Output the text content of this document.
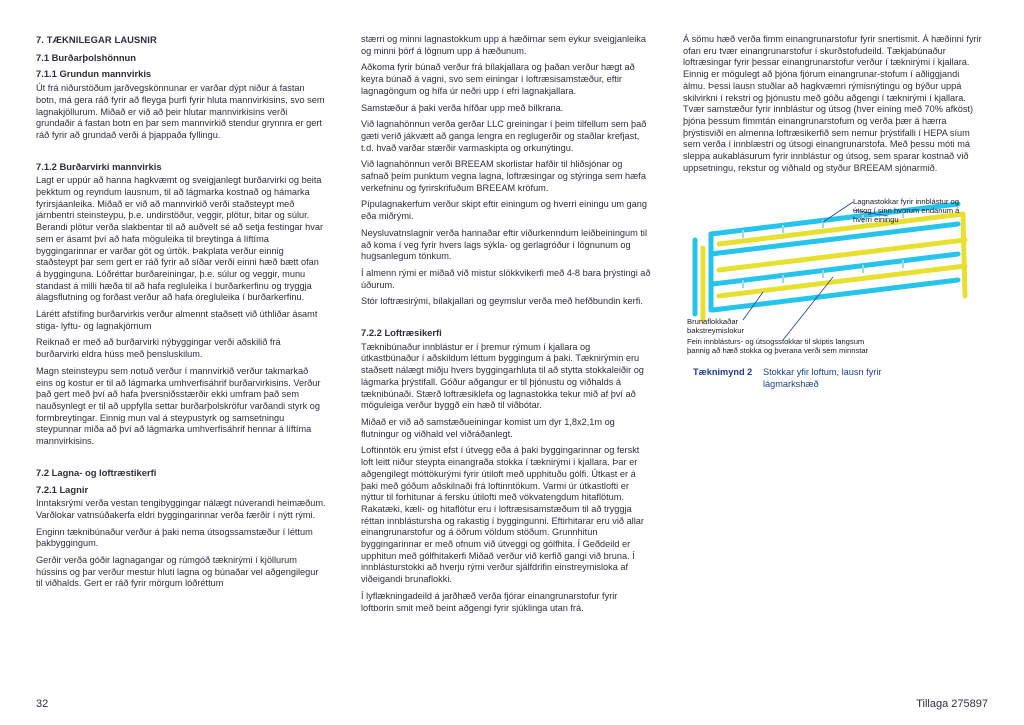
7. TÆKNILEGAR LAUSNIR
7.1 Burðarþolshönnun
7.1.1 Grundun mannvirkis

Út frá niðurstöðum jarðvegskönnunar er varðar dýpt niður á fastan botn, má gera ráð fyrir að fleyga þurfi fyrir hluta mannvirkisins, svo sem lagnakjöllurum. Miðað er við að þeir hlutar mannvirkisins verði grundaðir á fastan botn en þar sem mannvirkið stendur grynnra er gert ráð fyrir að grundað verði á þjappaða fyllingu.

7.1.2 Burðarvirki mannvirkis

Lagt er uppúr að hanna hagkvæmt og sveigjanlegt burðarvirki og beita þekktum og reyndum lausnum, til að lágmarka kostnað og hámarka fyrirsjáanleika. Miðað er við að mannvirkið verði staðsteypt með járnbentri steinsteypu, þ.e. undirstöður, veggir, plötur, bitar og súlur. Berandi plötur verða slakbentar til að auðvelt sé að setja festingar hvar sem er ásamt því að hafa möguleika til breytinga á líftíma byggingarinnar er varðar göt og úrtök. Þakplata verður einnig staðsteypt þar sem gert er ráð fyrir að síðar verði einni hæð bætt ofan á bygginguna. Lóðréttar burðareiningar, þ.e. súlur og veggir, munu standast á milli hæða til að hafa regluleika í burðarkerfinu og tryggja álagsflutning og forðast verður að hafa óregluleika í burðarkerfinu.

Lárétt afstífing burðarvirkis verður almennt staðsett við úthliðar ásamt stiga- lyftu- og lagnakjörnum

Reiknað er með að burðarvirki nýbyggingar verði aðskilið frá burðarvirki eldra húss með þensluskilum.

Magn steinsteypu sem notuð verður í mannvirkið verður takmarkað eins og kostur er til að lágmarka umhverfisáhrif burðarvirkisins. Verður það gert með því að hafa þversniðsstærðir ekki umfram það sem nauðsynlegt er til að uppfylla settar burðarþolskröfur varðandi styrk og formbreytingar. Einnig mun val á steypustyrk og samsetningu steypunnar miða að því að lágmarka umhverfisáhrif hennar á líftíma mannvirkisins.

7.2 Lagna- og loftræstikerfi
7.2.1 Lagnir

Inntaksrými verða vestan tengibyggingar nálægt núverandi heimæðum. Varðlokar vatnsúðakerfa eldri byggingarinnar verða færðir í nýtt rými.

Enginn tæknibúnaður verður á þaki nema útsogssamstæður í léttum þakbyggingum.

Gerðir verða góðir lagnagangar og rúmgóð tæknirými í kjöllurum hússins og þar verður mestur hluti lagna og búnaðar vel aðgengilegur til viðhalds. Gert er ráð fyrir mörgum lóðréttum

stærri og minni lagnastokkum upp á hæðirnar sem eykur sveigjanleika og minni þörf á lögnum upp á hæðunum.

Aðkoma fyrir búnað verður frá bílakjallara og þaðan verður hægt að keyra búnað á vagni, svo sem einingar í loftræsisamstæður, eftir lagnagöngum og hífa úr neðri upp í efri lagnakjallara.

Samstæður á þaki verða hífðar upp með bílkrana.

Við lagnahönnun verða gerðar LLC greiningar í þeim tilfellum sem það gæti verið jákvætt að ganga lengra en reglugerðir og staðlar krefjast, t.d. hvað varðar stærðir varmaskipta og orkunýtingu.

Við lagnahönnun verði BREEAM skorlistar hafðir til hliðsjónar og safnað þeim punktum vegna lagna, loftræsingar og stýringa sem hæfa verkefninu og fyrirskrifuðum BREEAM kröfum.

Pípulagnakerfum verður skipt eftir einingum og hverri einingu um gang eða miðrými.

Neysluvatnslagnir verða hannaðar eftir viðurkenndum leiðbeiningum til að koma í veg fyrir hvers lags sýkla- og gerlagróður í lögnunum og hugsanlegum tönkum.

Í almenn rými er miðað við mistur slökkvikerfi með 4-8 bara þrýstingi að úðurum.

Stór loftræsirými, bílakjallari og geymslur verða með hefðbundin kerfi.

7.2.2 Loftræsikerfi

Tæknibúnaður innblástur er í þremur rýmum í kjallara og útkastbúnaður í aðskildum léttum byggingum á þaki. Tæknirýmin eru staðsett nálægt miðju hvers byggingarhluta til að stytta stokkaleiðir og lágmarka þrýstifall. Góður aðgangur er til þjónustu og viðhalds á tæknibúnaði. Stærð loftræsiklefa og lagnastokka tekur mið af því að möguleiga verður byggð ein hæð til viðbótar.

Miðað er við að samstæðueiningar komist um dyr 1,8x2,1m og flutningur og viðhald vel viðráðanlegt.

Loftinntök eru ýmist efst í útvegg eða á þaki byggingarinnar og ferskt loft leitt niður steypta einangraða stokka í tæknirými í kjallara. Þar er aðgengilegt móttökurými fyrir útiloft með upphituðu gólfi. Útkast er á þaki með góðum aðskilnaði frá loftinntökum. Varmi úr útkastlofti er nýttur til forhitunar á fersku útilofti með vökvatengdum hitaflötum. Rakatæki, kæli- og hitaflötur eru í loftræsisamstæðum til að tryggja réttan innblástursha og rakastig í byggingunni. Eftirhitarar eru við allar einangrunarstofur og á öðrum völdum stöðum. Grunnhitun byggingarinnar er með ofnum við útveggi og gólfhita. Í Geðdeild er upphitun með gólfhitakerfi Miðað verður við kerfið gangi við bruna. Í innblásturstokki að hverju rými verður sjálfdrifin einstreymisloka af viðeigandi brunaflokki.

Í lyflækningadeild á jarðhæð verða fjórar einangrunarstofur fyrir loftborin smit með beint aðgengi fyrir sjúklinga utan frá.

Á sömu hæð verða fimm einangrunarstofur fyrir snertismit. Á hæðinni fyrir ofan eru tvær einangrunarstofur í skurðstofudeild. Tækjabúnaður loftræsingar fyrir þessar einangrunarstofur verður í tæknirými í kjallara. Einnig er mögulegt að þjóna fjórum einangrunar-stofum í aðliggjandi álmu. Þessi lausn stuðlar að hagkvæmri rýmisnýtingu og býður uppá skilvirkni í rekstri og þjónustu með góðu aðgengi í tæknirými í kjallara. Tvær samstæður fyrir innblástur og útsog (hver eining með 70% afköst) þjóna þessum fimmtán einangrunarstofum og verða þær á hærra þrýstisviði en almenna loftræsikerfið sem nemur þrýstifalli í HEPA síum sem verða í innblæstri og útsogi einangrunarstofa. Með þessu móti má sleppa aukablásurum fyrir innblástur og útsog, sem sparar kostnað við uppsetningu, rekstur og viðhald og styður BREEAM sjónarmið.

Lagnastokkar fyrir innblástur og útsog í sinn hvorum endanum á hverri einingu
Brunaflokkaðar bakstreymislokur
Feiri innblásturs- og útsogsstokkar til skiptis langsum þannig að hæð stokka og þverana verði sem minnstar
Tæknimynd 2	Stokkar yfir loftum, lausn fyrir lágmarkshæð
32	Tillaga 275897
